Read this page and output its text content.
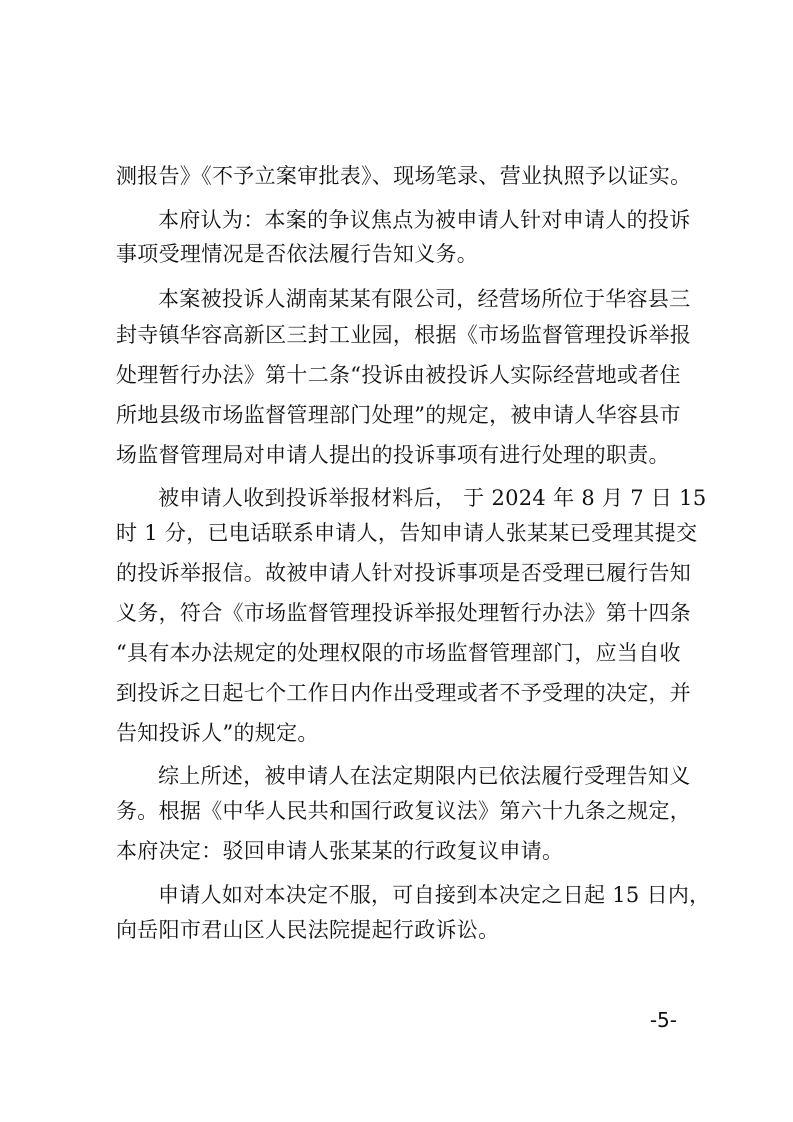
测报告》《不予立案审批表》、现场笔录、营业执照予以证实。
本府认为：本案的争议焦点为被申请人针对申请人的投诉
事项受理情况是否依法履行告知义务。
本案被投诉人湖南某某有限公司，经营场所位于华容县三
封寺镇华容高新区三封工业园，根据《市场监督管理投诉举报
处理暂行办法》第十二条“投诉由被投诉人实际经营地或者住
所地县级市场监督管理部门处理”的规定，被申请人华容县市
场监督管理局对申请人提出的投诉事项有进行处理的职责。
被申请人收到投诉举报材料后， 于 2024 年 8 月 7 日 15
时 1 分，已电话联系申请人，告知申请人张某某已受理其提交
的投诉举报信。故被申请人针对投诉事项是否受理已履行告知
义务，符合《市场监督管理投诉举报处理暂行办法》第十四条
“具有本办法规定的处理权限的市场监督管理部门，应当自收
到投诉之日起七个工作日内作出受理或者不予受理的决定，并
告知投诉人”的规定。
综上所述，被申请人在法定期限内已依法履行受理告知义
务。根据《中华人民共和国行政复议法》第六十九条之规定，
本府决定：驳回申请人张某某的行政复议申请。
申请人如对本决定不服，可自接到本决定之日起 15 日内，
向岳阳市君山区人民法院提起行政诉讼。
-5-
